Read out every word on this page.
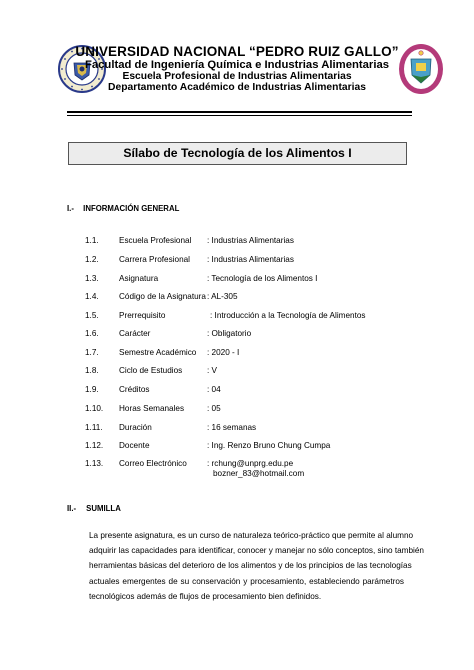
UNIVERSIDAD NACIONAL “PEDRO RUIZ GALLO”
Facultad de Ingeniería Química e Industrias Alimentarias
Escuela Profesional de Industrias Alimentarias
Departamento Académico de Industrias Alimentarias
Sílabo de Tecnología de los Alimentos I
I.- INFORMACIÓN GENERAL
1.1. Escuela Profesional : Industrias Alimentarias
1.2. Carrera Profesional : Industrias Alimentarias
1.3. Asignatura	: Tecnología de los Alimentos I
1.4. Código de la Asignatura : AL-305
1.5. Prerrequisito	: Introducción a la Tecnología de Alimentos
1.6. Carácter	: Obligatorio
1.7. Semestre Académico : 2020 - I
1.8. Ciclo de Estudios	: V
1.9. Créditos	: 04
1.10. Horas Semanales	: 05
1.11. Duración	: 16 semanas
1.12. Docente	: Ing. Renzo Bruno Chung Cumpa
1.13. Correo Electrónico : rchung@unprg.edu.pe
bozner_83@hotmail.com
II.- SUMILLA
La presente asignatura, es un curso de naturaleza teórico-práctico que permite al alumno
adquirir las capacidades para identificar, conocer y manejar no sólo conceptos, sino también
herramientas básicas del deterioro de los alimentos y de los principios de las tecnologías
actuales emergentes de su conservación y procesamiento, estableciendo parámetros
tecnológicos además de flujos de procesamiento bien definidos.
